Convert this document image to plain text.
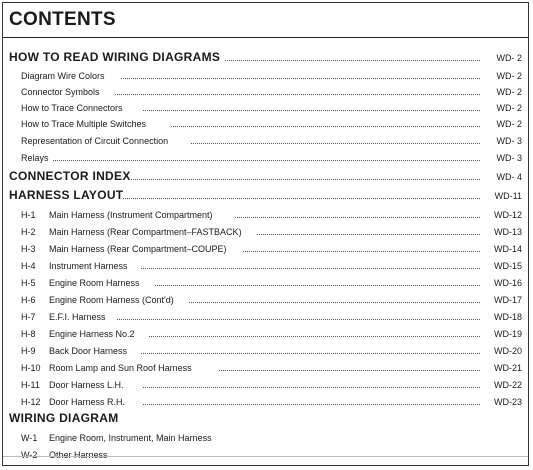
CONTENTS
HOW TO READ WIRING DIAGRAMS	WD- 2
Diagram Wire Colors	WD- 2
Connector Symbols	WD- 2
How to Trace Connectors	WD- 2
How to Trace Multiple Switches	WD- 2
Representation of Circuit Connection	WD- 3
Relays	WD- 3
CONNECTOR INDEX	WD- 4
HARNESS LAYOUT	WD-11
H-1 Main Harness (Instrument Compartment)	WD-12
H-2 Main Harness (Rear Compartment–FASTBACK)	WD-13
H-3 Main Harness (Rear Compartment–COUPE)	WD-14
H-4 Instrument Harness	WD-15
H-5 Engine Room Harness	WD-16
H-6 Engine Room Harness (Cont'd)	WD-17
H-7 E.F.I. Harness	WD-18
H-8 Engine Harness No.2	WD-19
H-9 Back Door Harness	WD-20
H-10 Room Lamp and Sun Roof Harness	WD-21
H-11 Door Harness L.H.	WD-22
H-12 Door Harness R.H.	WD-23
WIRING DIAGRAM
W-1 Engine Room, Instrument, Main Harness
W-2 Other Harness
